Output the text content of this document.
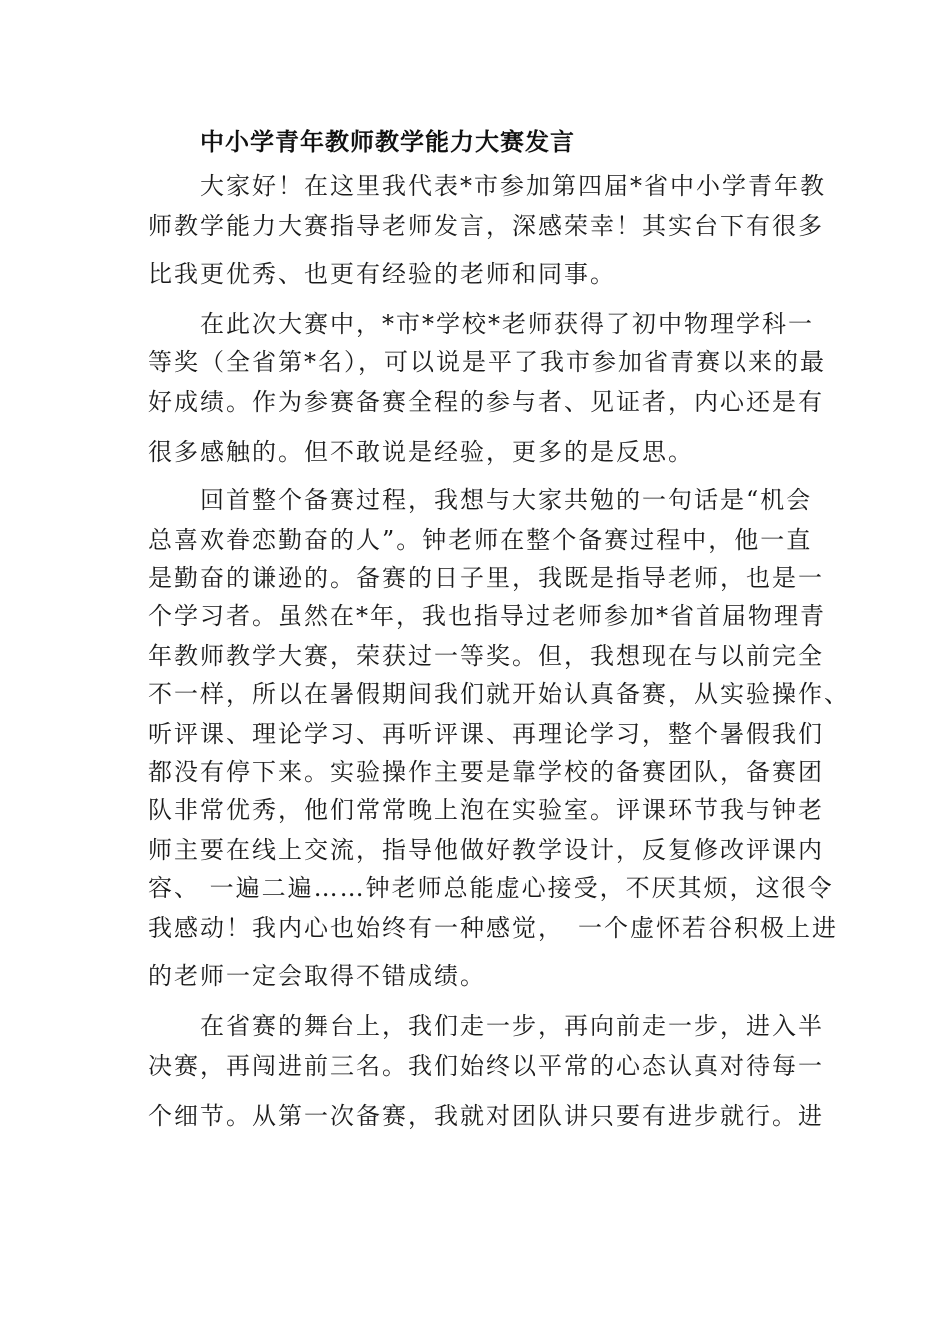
中小学青年教师教学能力大赛发言
大家好！在这里我代表*市参加第四届*省中小学青年教
师教学能力大赛指导老师发言，深感荣幸！其实台下有很多
比我更优秀、也更有经验的老师和同事。
在此次大赛中，*市*学校*老师获得了初中物理学科一
等奖（全省第*名），可以说是平了我市参加省青赛以来的最
好成绩。作为参赛备赛全程的参与者、见证者，内心还是有
很多感触的。但不敢说是经验，更多的是反思。
回首整个备赛过程，我想与大家共勉的一句话是“机会
总喜欢眷恋勤奋的人”。钟老师在整个备赛过程中，他一直
是勤奋的谦逊的。备赛的日子里，我既是指导老师，也是一
个学习者。虽然在*年，我也指导过老师参加*省首届物理青
年教师教学大赛，荣获过一等奖。但，我想现在与以前完全
不一样，所以在暑假期间我们就开始认真备赛，从实验操作、
听评课、理论学习、再听评课、再理论学习，整个暑假我们
都没有停下来。实验操作主要是靠学校的备赛团队，备赛团
队非常优秀，他们常常晚上泡在实验室。评课环节我与钟老
师主要在线上交流，指导他做好教学设计，反复修改评课内
容、 一遍二遍……钟老师总能虚心接受，不厌其烦，这很令
我感动！我内心也始终有一种感觉，　一个虚怀若谷积极上进
的老师一定会取得不错成绩。
在省赛的舞台上，我们走一步，再向前走一步，进入半
决赛，再闯进前三名。我们始终以平常的心态认真对待每一
个细节。从第一次备赛，我就对团队讲只要有进步就行。进
